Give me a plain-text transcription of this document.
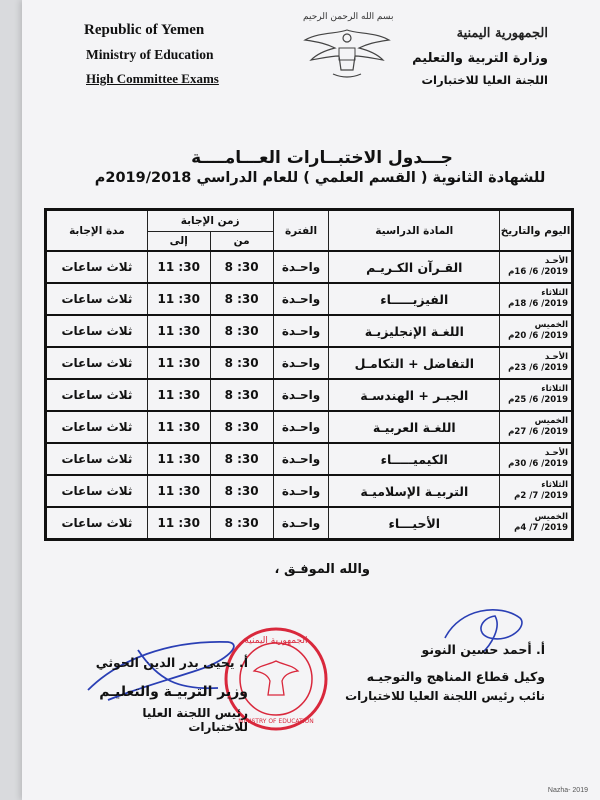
Republic of Yemen
Ministry of Education
High Committee Exams
بسم الله الرحمن الرحيم
الجمهورية اليمنية
وزارة التربية والتعليم
اللجنة العليا للاختبارات
جـــدول الاختبــارات العـــامــــة
للشهادة الثانوية ( القسم العلمي ) للعام الدراسي 2019/2018م
اليوم والتاريخ	المادة الدراسية	الفترة	زمن الإجابة		مدة الإجابة
			من	إلى	

الأحـد
2019/ 6/ 16م	القـرآن الكـريـم	واحـدة	8 :30	11 :30	ثلاث ساعات

الثلاثاء
2019/ 6/ 18م	الفيزيـــــاء	واحـدة	8 :30	11 :30	ثلاث ساعات

الخميس
2019/ 6/ 20م	اللغـة الإنجليزيـة	واحـدة	8 :30	11 :30	ثلاث ساعات

الأحـد
2019/ 6/ 23م	التفاضل + التكامـل	واحـدة	8 :30	11 :30	ثلاث ساعات

الثلاثاء
2019/ 6/ 25م	الجبـر + الهندسـة	واحـدة	8 :30	11 :30	ثلاث ساعات

الخميس
2019/ 6/ 27م	اللغـة العربيـة	واحـدة	8 :30	11 :30	ثلاث ساعات

الأحـد
2019/ 6/ 30م	الكيميـــــاء	واحـدة	8 :30	11 :30	ثلاث ساعات

الثلاثاء
2019/ 7/ 2م	التربيـة الإسلاميـة	واحـدة	8 :30	11 :30	ثلاث ساعات

الخميس
2019/ 7/ 4م	الأحيـــاء	واحـدة	8 :30	11 :30	ثلاث ساعات
والله الموفـق ،
أ. أحمد حسين النونو
وكيل قطاع المناهج والتوجيـه
نائب رئيس اللجنة العليا للاختبارات
الجمهورية اليمنية
MINISTRY OF EDUCATION
أ. يحيى بدر الدين الحوثي
وزير التربيـة والتعليـم
رئيس اللجنة العليا للاختبارات
Nazha- 2019
